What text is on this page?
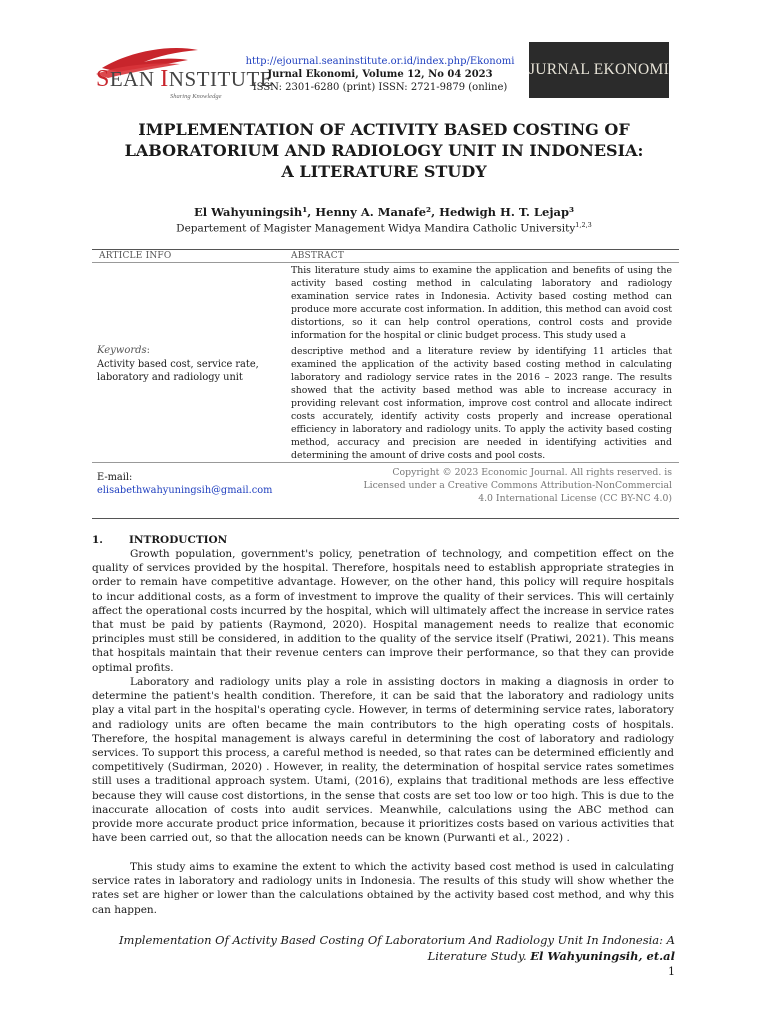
SEAN INSTITUTE
Sharing Knowledge
http://ejournal.seaninstitute.or.id/index.php/Ekonomi
Jurnal Ekonomi, Volume 12, No 04 2023
ISSN: 2301-6280 (print) ISSN: 2721-9879 (online)
JURNAL EKONOMI
IMPLEMENTATION OF ACTIVITY BASED COSTING OF
LABORATORIUM AND RADIOLOGY UNIT IN INDONESIA:
A LITERATURE STUDY
El Wahyuningsih¹, Henny A. Manafe², Hedwigh H. T. Lejap³
Departement of Magister Management Widya Mandira Catholic University$^{1,2,3}$
ARTICLE INFO	ABSTRACT
This literature study aims to examine the application and benefits of using the activity based costing method in calculating laboratory and radiology examination service rates in Indonesia. Activity based costing method can produce more accurate cost information. In addition, this method can avoid cost distortions, so it can help control operations, control costs and provide information for the hospital or clinic budget process. This study used a
descriptive method and a literature review by identifying 11 articles that examined the application of the activity based costing method in calculating laboratory and radiology service rates in the 2016 – 2023 range. The results showed that the activity based method was able to increase accuracy in providing relevant cost information, improve cost control and allocate indirect costs accurately, identify activity costs properly and increase operational efficiency in laboratory and radiology units. To apply the activity based costing method, accuracy and precision are needed in identifying activities and determining the amount of drive costs and pool costs.
Keywords:
Activity based cost, service rate, laboratory and radiology unit
E-mail:
elisabethwahyuningsih@gmail.com
Copyright © 2023 Economic Journal. All rights reserved. is Licensed under a Creative Commons Attribution-NonCommercial 4.0 International License (CC BY-NC 4.0)
1. INTRODUCTION
Growth population, government's policy, penetration of technology, and competition effect on the quality of services provided by the hospital. Therefore, hospitals need to establish appropriate strategies in order to remain have competitive advantage. However, on the other hand, this policy will require hospitals to incur additional costs, as a form of investment to improve the quality of their services. This will certainly affect the operational costs incurred by the hospital, which will ultimately affect the increase in service rates that must be paid by patients (Raymond, 2020). Hospital management needs to realize that economic principles must still be considered, in addition to the quality of the service itself (Pratiwi, 2021). This means that hospitals maintain that their revenue centers can improve their performance, so that they can provide optimal profits.
Laboratory and radiology units play a role in assisting doctors in making a diagnosis in order to determine the patient's health condition. Therefore, it can be said that the laboratory and radiology units play a vital part in the hospital's operating cycle. However, in terms of determining service rates, laboratory and radiology units are often became the main contributors to the high operating costs of hospitals. Therefore, the hospital management is always careful in determining the cost of laboratory and radiology services. To support this process, a careful method is needed, so that rates can be determined efficiently and competitively (Sudirman, 2020) . However, in reality, the determination of hospital service rates sometimes still uses a traditional approach system. Utami, (2016), explains that traditional methods are less effective because they will cause cost distortions, in the sense that costs are set too low or too high. This is due to the inaccurate allocation of costs into audit services. Meanwhile, calculations using the ABC method can provide more accurate product price information, because it prioritizes costs based on various activities that have been carried out, so that the allocation needs can be known (Purwanti et al., 2022) .
This study aims to examine the extent to which the activity based cost method is used in calculating service rates in laboratory and radiology units in Indonesia. The results of this study will show whether the rates set are higher or lower than the calculations obtained by the activity based cost method, and why this can happen.
Implementation Of Activity Based Costing Of Laboratorium And Radiology Unit In Indonesia: A Literature Study. El Wahyuningsih, et.al
1
